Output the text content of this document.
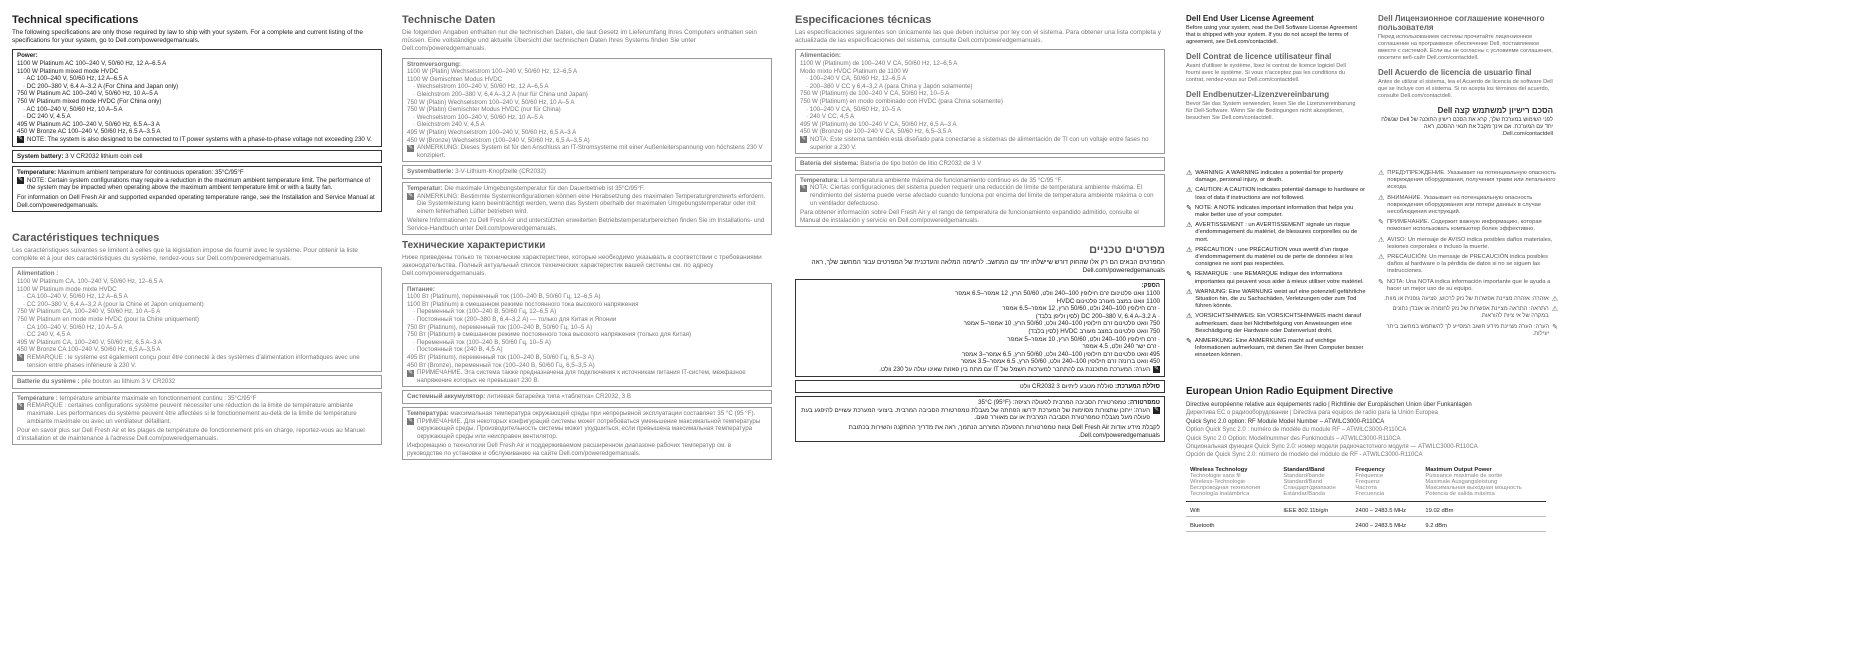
Technical specifications

The following specifications are only those required by law to ship with your system. For a complete and current listing of the specifications for your system, go to Dell.com/poweredgemanuals.

Power:
1100 W Platinum AC 100–240 V, 50/60 Hz, 12 A–6.5 A
1100 W Platinum mixed mode HVDC
· AC 100–240 V, 50/60 Hz, 12 A–6.5 A
· DC 200–380 V, 6.4 A–3.2 A (For China and Japan only)
750 W Platinum AC 100–240 V, 50/60 Hz, 10 A–5 A
750 W Platinum mixed mode HVDC (For China only)
· AC 100–240 V, 50/60 Hz, 10 A–5 A
· DC 240 V, 4.5 A
495 W Platinum AC 100–240 V, 50/60 Hz, 6.5 A–3 A
450 W Bronze AC 100–240 V, 50/60 Hz, 6.5 A–3.5 A
✎ NOTE: The system is also designed to be connected to IT power systems with a phase-to-phase voltage not exceeding 230 V.
System battery: 3 V CR2032 lithium coin cell
Temperature: Maximum ambient temperature for continuous operation: 35°C/95°F
✎ NOTE: Certain system configurations may require a reduction in the maximum ambient temperature limit. The performance of the system may be impacted when operating above the maximum ambient temperature limit or with a faulty fan.
For information on Dell Fresh Air and supported expanded operating temperature range, see the Installation and Service Manual at Dell.com/poweredgemanuals.
Caractéristiques techniques

Les caractéristiques suivantes se limitent à celles que la législation impose de fournir avec le système. Pour obtenir la liste complète et à jour des caractéristiques du système, rendez-vous sur Dell.com/poweredgemanuals.

Alimentation :
1100 W Platinum CA, 100–240 V, 50/60 Hz, 12–6,5 A
1100 W Platinum mode mixte HVDC
· CA 100–240 V, 50/60 Hz, 12 A–6,5 A
· CC 200–380 V, 6,4 A–3,2 A (pour la Chine et Japon uniquement)
750 W Platinum CA, 100–240 V, 50/60 Hz, 10 A–5 A
750 W Platinum en mode mixte HVDC (pour la Chine uniquement)
· CA 100–240 V, 50/60 Hz, 10 A–5 A
· CC 240 V, 4,5 A
495 W Platinum CA, 100–240 V, 50/60 Hz, 6,5 A–3 A
450 W Bronze CA 100–240 V, 50/60 Hz, 6,5 A–3,5 A
✎ REMARQUE : le système est également conçu pour être connecté à des systèmes d'alimentation informatiques avec une tension entre phases inférieure à 230 V.
Batterie du système : pile bouton au lithium 3 V CR2032
Température : température ambiante maximale en fonctionnement continu : 35°C/95°F
✎ REMARQUE : certaines configurations système peuvent nécessiter une réduction de la limite de température ambiante maximale. Les performances du système peuvent être affectées si le fonctionnement au-delà de la limite de température ambiante maximale ou avec un ventilateur défaillant.
Pour en savoir plus sur Dell Fresh Air et les plages de température de fonctionnement pris en charge, reportez-vous au Manuel d'installation et de maintenance à l'adresse Dell.com/poweredgemanuals.
Technische Daten

Die folgenden Angaben enthalten nur die technischen Daten, die laut Gesetz im Lieferumfang Ihres Computers enthalten sein müssen. Eine vollständige und aktuelle Übersicht der technischen Daten Ihres Systems finden Sie unter Dell.com/poweredgemanuals.

Stromversorgung:
1100 W (Platin) Wechselstrom 100–240 V, 50/60 Hz, 12–6,5 A
1100 W Gemischten Modus HVDC
· Wechselstrom 100–240 V, 50/60 Hz, 12 A–6,5 A
· Gleichstrom 200–380 V, 6,4 A–3,2 A (nur für China und Japan)
750 W (Platin) Wechselstrom 100–240 V, 50/60 Hz, 10 A–5 A
750 W (Platin) Gemischter Modus HVDC (nur für China)
· Wechselstrom 100–240 V, 50/60 Hz, 10 A–5 A
· Gleichstrom 240 V, 4,5 A
495 W (Platin) Wechselstrom 100–240 V, 50/60 Hz, 6,5 A–3 A
450 W (Bronze) Wechselstrom (100–240 V, 50/60 Hz, 6,5 A–3,5 A)
✎ ANMERKUNG: Dieses System ist für den Anschluss an IT-Stromsysteme mit einer Außenleiterspannung von höchstens 230 V konzipiert.
Systembatterie: 3-V-Lithium-Knopfzelle (CR2032)
Temperatur: Die maximale Umgebungstemperatur für den Dauerbetrieb ist 35°C/95°F.
✎ ANMERKUNG: Bestimmte Systemkonfigurationen können eine Herabsetzung des maximalen Temperaturgrenzwerts erfordern. Die Systemleistung kann beeinträchtigt werden, wenn das System oberhalb der maximalen Umgebungstemperatur oder mit einem fehlerhaften Lüfter betrieben wird.
Weitere Informationen zu Dell Fresh Air und unterstützten erweiterten Betriebstemperaturbereichen finden Sie im Installations- und Service-Handbuch unter Dell.com/poweredgemanuals.
Технические характеристики

Ниже приведены только те технические характеристики, которые необходимо указывать в соответствии с требованиями законодательства. Полный актуальный список технических характеристик вашей системы см. по адресу Dell.com/poweredgemanuals.

Питание:
1100 Вт (Platinum), переменный ток (100–240 В, 50/60 Гц, 12–6,5 А)
1100 Вт (Platinum) в смешанном режиме постоянного тока высокого напряжения
· Переменный ток (100–240 В, 50/60 Гц, 12–6,5 А)
· Постоянный ток (200–380 В, 6,4–3,2 А) — только для Китая и Японии
750 Вт (Platinum), переменный ток (100–240 В, 50/60 Гц, 10–5 А)
750 Вт (Platinum) в смешанном режиме постоянного тока высокого напряжения (только для Китая)
· Переменный ток (100–240 В, 50/60 Гц, 10–5 А)
· Постоянный ток (240 В, 4,5 А)
495 Вт (Platinum), переменный ток (100–240 В, 50/60 Гц, 6,5–3 А)
450 Вт (Bronze), переменный ток (100–240 В, 50/60 Гц, 6,5–3,5 А)
✎ ПРИМЕЧАНИЕ. Эта система также предназначена для подключения к источникам питания IT-систем, межфазное напряжение которых не превышает 230 В.
Системный аккумулятор: литиевая батарейка типа «таблетка» CR2032, 3 В
Температура: максимальная температура окружающей среды при непрерывной эксплуатации составляет 35 °C (95 °F).
✎ ПРИМЕЧАНИЕ. Для некоторых конфигураций системы может потребоваться уменьшение максимальной температуры окружающей среды. Производительность системы может ухудшиться, если превышена максимальная температура окружающей среды или неисправен вентилятор.
Информацию о технологии Dell Fresh Air и поддерживаемом расширенном диапазоне рабочих температур см. в руководстве по установке и обслуживанию на сайте Dell.com/poweredgemanuals.
Especificaciones técnicas

Las especificaciones siguientes son únicamente las que deben incluirse por ley con el sistema. Para obtener una lista completa y actualizada de las especificaciones del sistema, consulte Dell.com/poweredgemanuals.

Alimentación:
1100 W (Platinum) de 100–240 V CA, 50/60 Hz, 12–6,5 A
Modo mixto HVDC Platinum de 1100 W
· 100–240 V CA, 50/60 Hz, 12–6,5 A
· 200–380 V CC y 6,4–3,2 A (para China y Japón solamente)
750 W (Platinum) de 100–240 V CA, 50/60 Hz, 10–5 A
750 W (Platinum) en modo combinado con HVDC (para China solamente)
· 100–240 V CA, 50/60 Hz, 10–5 A
· 240 V CC, 4,5 A
495 W (Platinum) de 100–240 V CA, 50/60 Hz, 6,5 A–3 A
450 W (Bronze) de 100–240 V CA, 50/60 Hz, 6,5–3,5 A
✎ NOTA: Este sistema también está diseñado para conectarse a sistemas de alimentación de TI con un voltaje entre fases no superior a 230 V.
Batería del sistema: Batería de tipo botón de litio CR2032 de 3 V
Temperatura: La temperatura ambiente máxima de funcionamiento continuo es de 35 °C/95 °F.
✎ NOTA: Ciertas configuraciones del sistema pueden requerir una reducción de límite de temperatura ambiente máxima. El rendimiento del sistema puede verse afectado cuando funciona por encima del límite de temperatura ambiente máxima o con un ventilador defectuoso.
Para obtener información sobre Dell Fresh Air y el rango de temperatura de funcionamiento expandido admitido, consulte el Manual de instalación y servicio en Dell.com/poweredgemanuals.
מפרטים טכניים

המפרטים הבאים הם רק אלו שהחוק דורש שיישלחו יחד עם המחשב. לרשימה המלאה והעדכנית של המפרטים עבור המחשב שלך, ראה Dell.com/poweredgemanuals

הספק:
1100 וואט פלטינום זרם חילופין 100–240 וולט, 50/60 הרץ, 12 אמפר–6.5 אמפר
1100 וואט במצב מעורב פלטינום HVDC
· זרם חילופין 100–240 וולט, 50/60 הרץ, 12 אמפר–6.5 אמפר
· DC 200–380 V, 6.4 A–3.2 A (לסין וליפן בלבד)
750 וואט פלטינום זרם חילופין 100–240 וולט, 50/60 הרץ, 10 אמפר–5 אמפר
750 וואט פלטינום במצב מעורב HVDC (לסין בלבד)
· זרם חילופין 100–240 וולט, 50/60 הרץ, 10 אמפר–5 אמפר
· זרם ישר 240 וולט, 4.5 אמפר
495 וואט פלטינום זרם חילופין 100–240 וולט, 50/60 הרץ, 6.5 אמפר–3 אמפר
450 וואט ברונזה זרם חילופין 100–240 וולט, 50/60 הרץ, 6.5 אמפר–3.5 אמפר
✎
הערה: המערכת מתוכננת גם להתחבר למערכות חשמל של IT עם מתח בין פאזות שאינו עולה על 230 וולט.
סוללת המערכת: סוללת מטבע ליתיום CR2032 3 וולט
טמפרטורה: טמפרטורת הסביבה המרבית לפעולה רציפה: 35°C (95°F)
✎
הערה: ייתכן שתצורות מסוימות של המערכת ידרשו הפחתה של מגבלת טמפרטורת הסביבה המרבית. ביצועי המערכת עשויים להיפגע בעת פעולה מעל מגבלת טמפרטורת הסביבה המרבית או עם מאוורר פגום.
לקבלת מידע אודות Dell Fresh Air וטווח טמפרטורות ההפעלה המורחב הנתמך, ראה את מדריך ההתקנה והשירות בכתובת Dell.com/poweredgemanuals.
Dell End User License Agreement

Before using your system, read the Dell Software License Agreement that is shipped with your system. If you do not accept the terms of agreement, see Dell.com/contactdell.

Dell Contrat de licence utilisateur final

Avant d'utiliser le système, lisez le contrat de licence logiciel Dell fourni avec le système. Si vous n'acceptez pas les conditions du contrat, rendez-vous sur Dell.com/contactdell.

Dell Endbenutzer-Lizenzvereinbarung

Bevor Sie das System verwenden, lesen Sie die Lizenzvereinbarung für Dell-Software. Wenn Sie die Bedingungen nicht akzeptieren, besuchen Sie Dell.com/contactdell.

Dell Лицензионное соглашение конечного пользователя

Перед использованием системы прочитайте лицензионное соглашение на программное обеспечение Dell, поставляемое вместе с системой. Если вы не согласны с условиями соглашения, посетите веб-сайт Dell.com/contactdell.

Dell Acuerdo de licencia de usuario final

Antes de utilizar el sistema, lea el Acuerdo de licencia de software Dell que se incluye con el sistema. Si no acepta los términos del acuerdo, consulte Dell.com/contactdell.

הסכם רישיון למשתמש קצה Dell

לפני השימוש במערכת שלך, קרא את הסכם רישיון התוכנה של Dell שנשלח יחד עם המערכת. אם אינך מקבל את תנאי ההסכם, ראה Dell.com/contactdell.

⚠ WARNING: A WARNING indicates a potential for property damage, personal injury, or death.
⚠ CAUTION: A CAUTION indicates potential damage to hardware or loss of data if instructions are not followed.
✎ NOTE: A NOTE indicates important information that helps you make better use of your computer.
⚠ AVERTISSEMENT : un AVERTISSEMENT signale un risque d'endommagement du matériel, de blessures corporelles ou de mort.
⚠ PRÉCAUTION : une PRÉCAUTION vous avertit d'un risque d'endommagement du matériel ou de perte de données si les consignes ne sont pas respectées.
✎ REMARQUE : une REMARQUE indique des informations importantes qui peuvent vous aider à mieux utiliser votre matériel.
⚠ WARNUNG: Eine WARNUNG weist auf eine potenziell gefährliche Situation hin, die zu Sachschäden, Verletzungen oder zum Tod führen könnte.
⚠ VORSICHTSHINWEIS: Ein VORSICHTSHINWEIS macht darauf aufmerksam, dass bei Nichtbefolgung von Anweisungen eine Beschädigung der Hardware oder Datenverlust droht.
✎ ANMERKUNG: Eine ANMERKUNG macht auf wichtige Informationen aufmerksam, mit denen Sie Ihren Computer besser einsetzen können.
⚠ ПРЕДУПРЕЖДЕНИЕ. Указывает на потенциальную опасность повреждения оборудования, получения травм или летального исхода.
⚠ ВНИМАНИЕ. Указывает на потенциальную опасность повреждения оборудования или потери данных в случае несоблюдения инструкций.
✎ ПРИМЕЧАНИЕ. Содержит важную информацию, которая помогает использовать компьютер более эффективно.
⚠ AVISO: Un mensaje de AVISO indica posibles daños materiales, lesiones corporales o incluso la muerte.
⚠ PRECAUCIÓN: Un mensaje de PRECAUCIÓN indica posibles daños al hardware o la pérdida de datos si no se siguen las instrucciones.
✎ NOTA: Una NOTA indica información importante que le ayuda a hacer un mejor uso de su equipo.
⚠
אזהרה: אזהרה מציינת אפשרות של נזק לרכוש, פציעה גופנית או מוות.
⚠
התראה: התראה מציינת אפשרות של נזק לחומרה או אובדן נתונים במקרה של אי ציות להוראות.
✎
הערה: הערה מציינת מידע חשוב המסייע לך להשתמש במחשב ביתר יעילות.
European Union Radio Equipment Directive

Directive européenne relative aux équipements radio | Richtlinie der Europäischen Union über Funkanlagen

Директива ЕС о радиооборудовании | Directiva para equipos de radio para la Unión Europea

Quick Sync 2.0 option: RF Module Model Number – ATWILC3000-R110CA

Option Quick Sync 2.0 : numéro de modèle du module RF – ATWILC3000-R110CA

Quick Sync 2.0 Option: Modellnummer des Funkmoduls – ATWILC3000-R110CA

Опциональная функция Quick Sync 2.0: номер модели радиочастотного модуля — ATWILC3000-R110CA

Opción de Quick Sync 2.0: número de modelo del módulo de RF - ATWILC3000-R110CA

Wireless Technology
Technologie sans fil
Wireless-Technologie
Беспроводная технология
Tecnología inalámbrica	Standard/Band
Standard/bande
Standard/Band
Стандарт/диапазон
Estándar/Banda	Frequency
Fréquence
Frequenz
Частота
Frecuencia	Maximum Output Power
Puissance maximale de sortie
Maximale Ausgangsleistung
Максимальная выходная мощность
Potencia de salida máxima

Wifi	IEEE 802.11b/g/n	2400 – 2483.5 MHz	19.02 dBm
Bluetooth		2400 – 2483.5 MHz	9.2 dBm
